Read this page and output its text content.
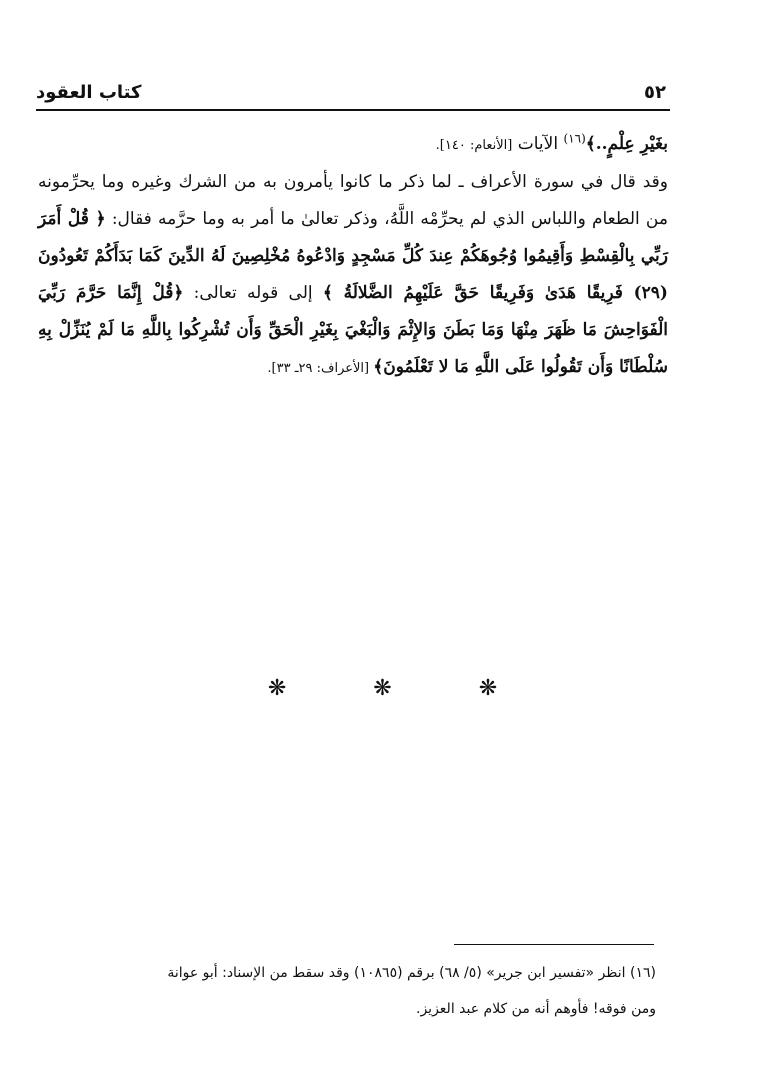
٥٢
كتاب العقود

بغَيْرِ عِلْمٍ..﴾$^{(١٦)}$ الآيات [الأنعام: ١٤٠].

وقد قال في سورة الأعراف ـ لما ذكر ما كانوا يأمرون به من الشرك وغيره وما يحرِّمونه من الطعام واللباس الذي لم يحرِّمْه اللَّهُ، وذكر تعالىٰ ما أمر به وما حرَّمه فقال: ﴿ قُلْ أَمَرَ رَبِّي بِالْقِسْطِ وَأَقِيمُوا وُجُوهَكُمْ عِندَ كُلِّ مَسْجِدٍ وَادْعُوهُ مُخْلِصِينَ لَهُ الدِّينَ كَمَا بَدَأَكُمْ تَعُودُونَ (٢٩) فَرِيقًا هَدَىٰ وَفَرِيقًا حَقَّ عَلَيْهِمُ الضَّلالَةُ ﴾ إلى قوله تعالى: ﴿قُلْ إِنَّمَا حَرَّمَ رَبِّيَ الْفَوَاحِشَ مَا ظَهَرَ مِنْهَا وَمَا بَطَنَ وَالإِثْمَ وَالْبَغْيَ بِغَيْرِ الْحَقِّ وَأَن تُشْرِكُوا بِاللَّهِ مَا لَمْ يُنَزِّلْ بِهِ سُلْطَانًا وَأَن تَقُولُوا عَلَى اللَّهِ مَا لا تَعْلَمُونَ﴾ [الأعراف: ٢٩ـ ٣٣].

❋ ❋ ❋

(١٦) انظر «تفسير ابن جرير» (٥/ ٦٨) برقم (١٠٨٦٥) وقد سقط من الإسناد: أبو عوانة

ومن فوقه! فأوهم أنه من كلام عبد العزيز.
